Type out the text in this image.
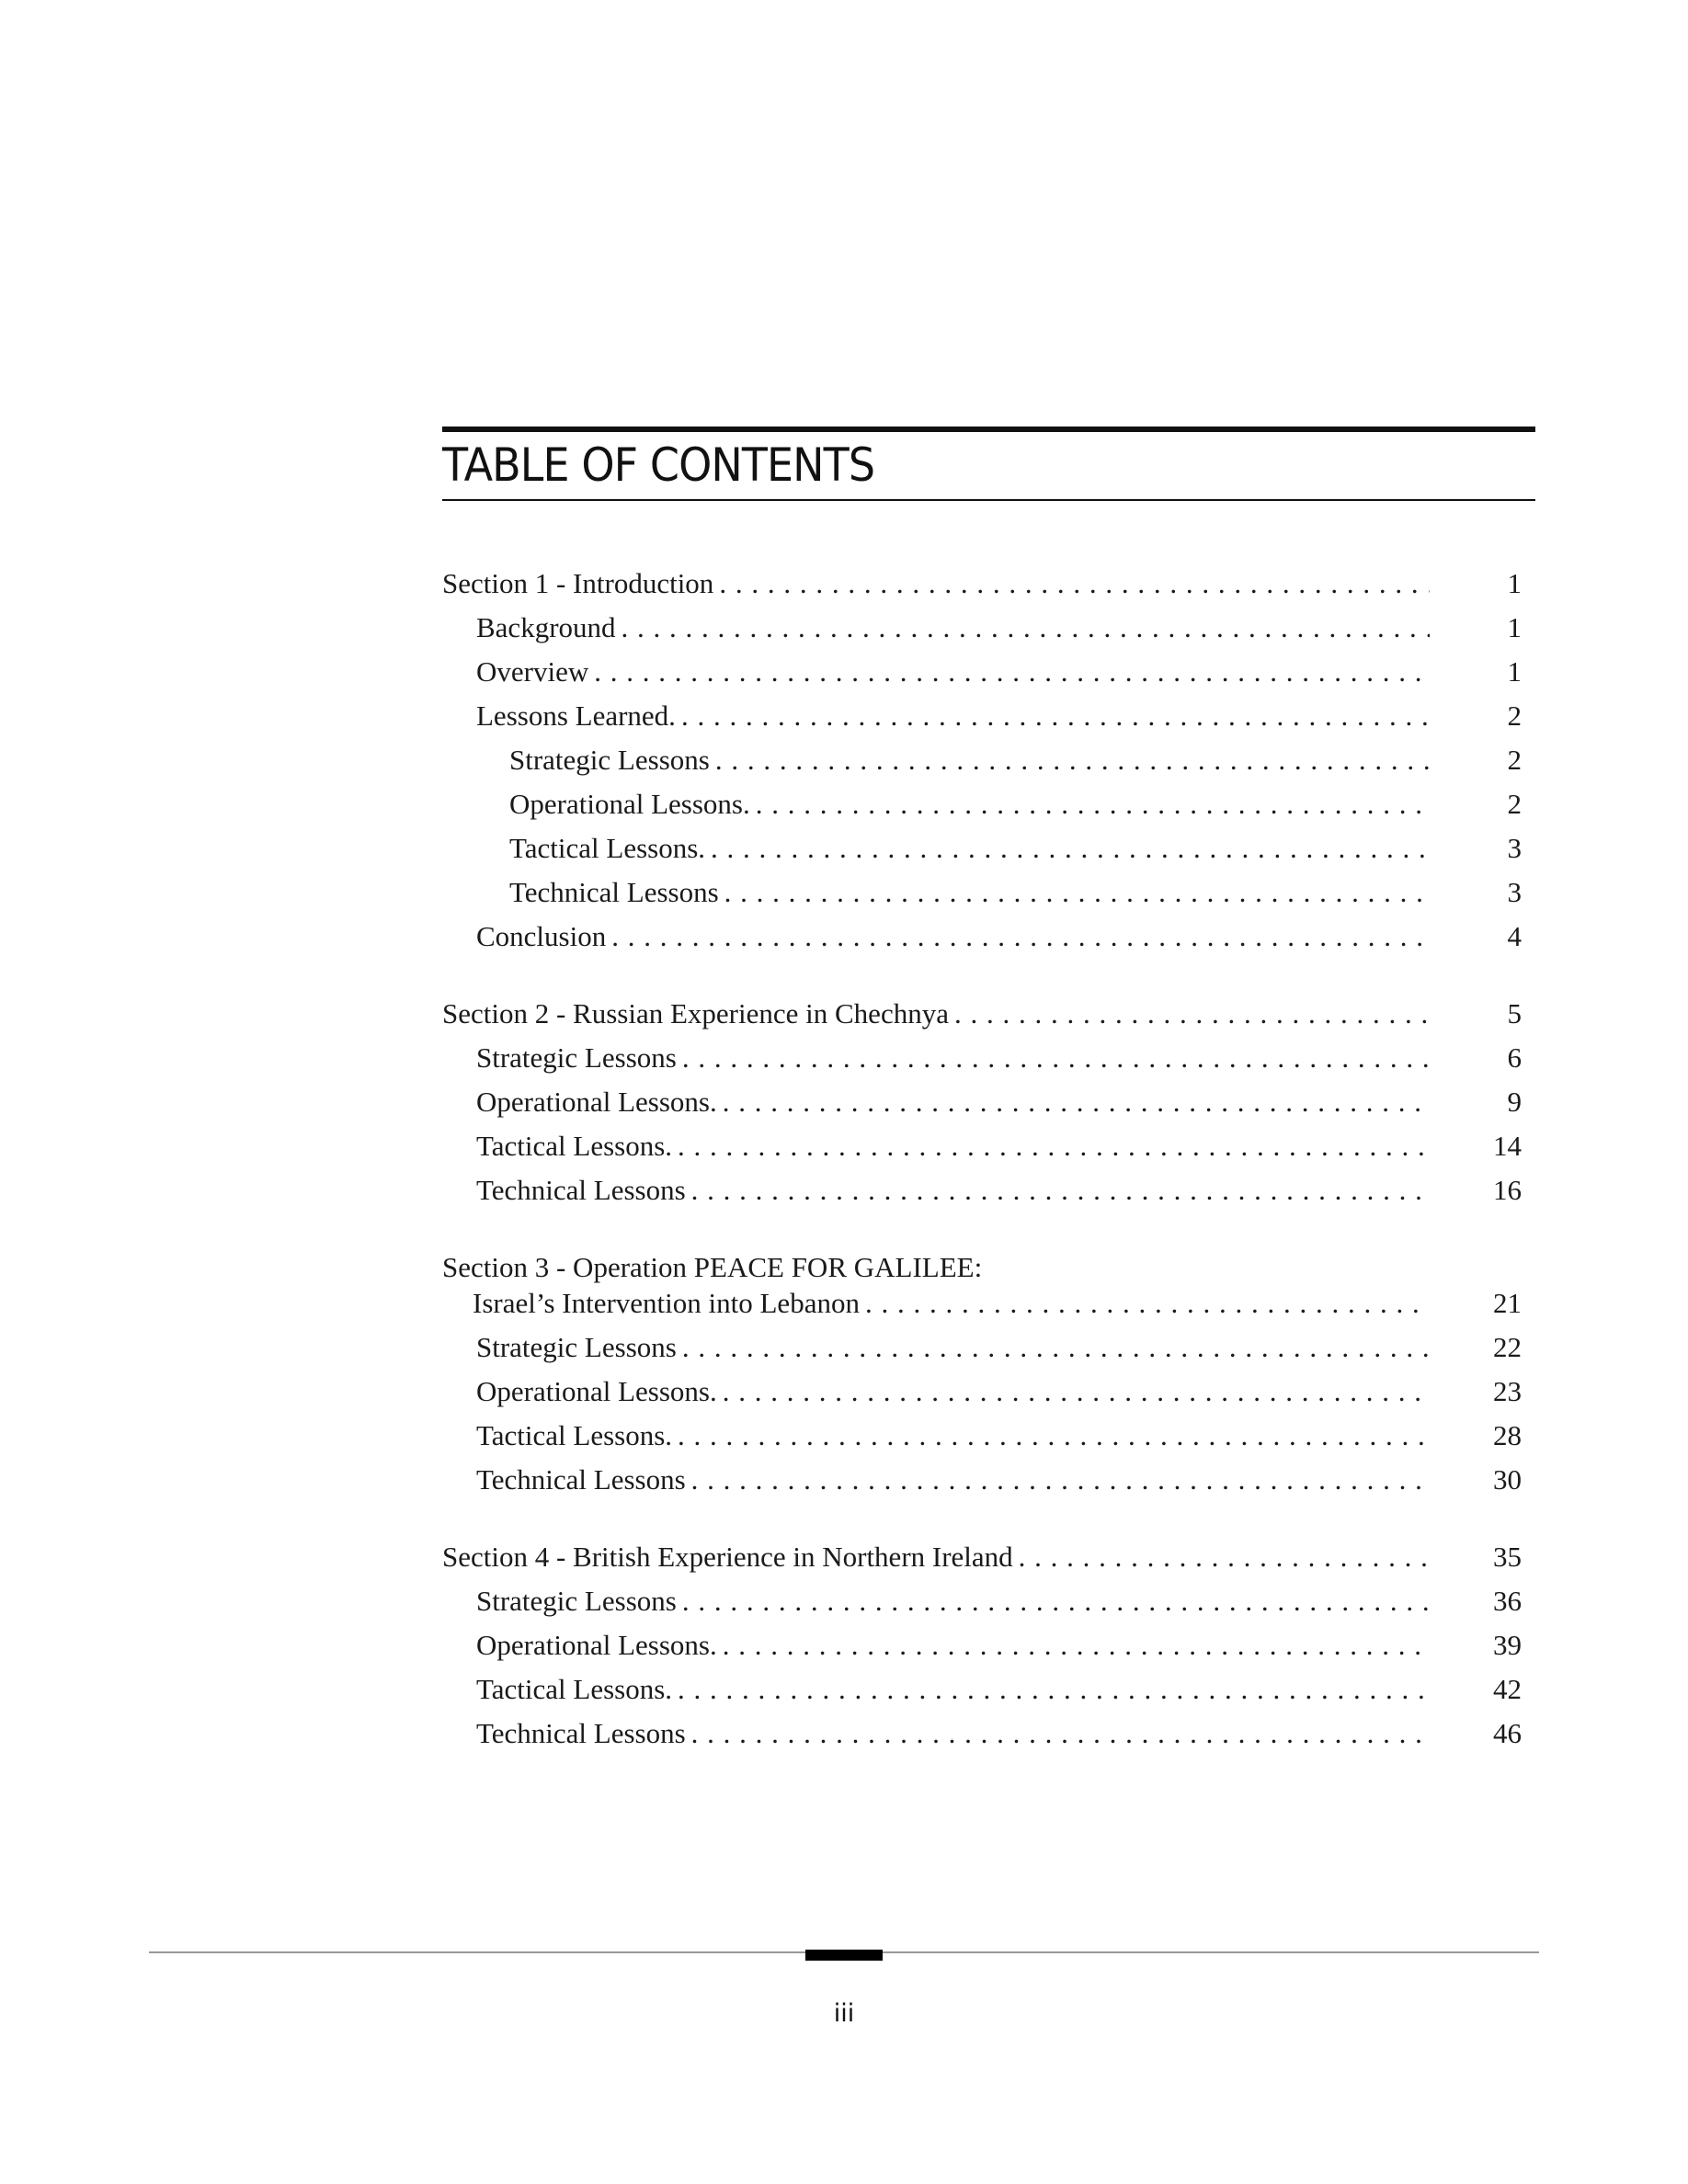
TABLE OF CONTENTS
Section 1 - Introduction . . .	1
Background . . .	1
Overview . . .	1
Lessons Learned. . . .	2
Strategic Lessons . . .	2
Operational Lessons. . . .	2
Tactical Lessons. . . .	3
Technical Lessons . . .	3
Conclusion . . .	4
Section 2 - Russian Experience in Chechnya . . .	5
Strategic Lessons . . .	6
Operational Lessons. . . .	9
Tactical Lessons. . . .	14
Technical Lessons . . .	16
Section 3 - Operation PEACE FOR GALILEE:
Israel’s Intervention into Lebanon . . .	21
Strategic Lessons . . .	22
Operational Lessons. . . .	23
Tactical Lessons. . . .	28
Technical Lessons . . .	30
Section 4 - British Experience in Northern Ireland . . .	35
Strategic Lessons . . .	36
Operational Lessons. . . .	39
Tactical Lessons. . . .	42
Technical Lessons . . .	46
iii
